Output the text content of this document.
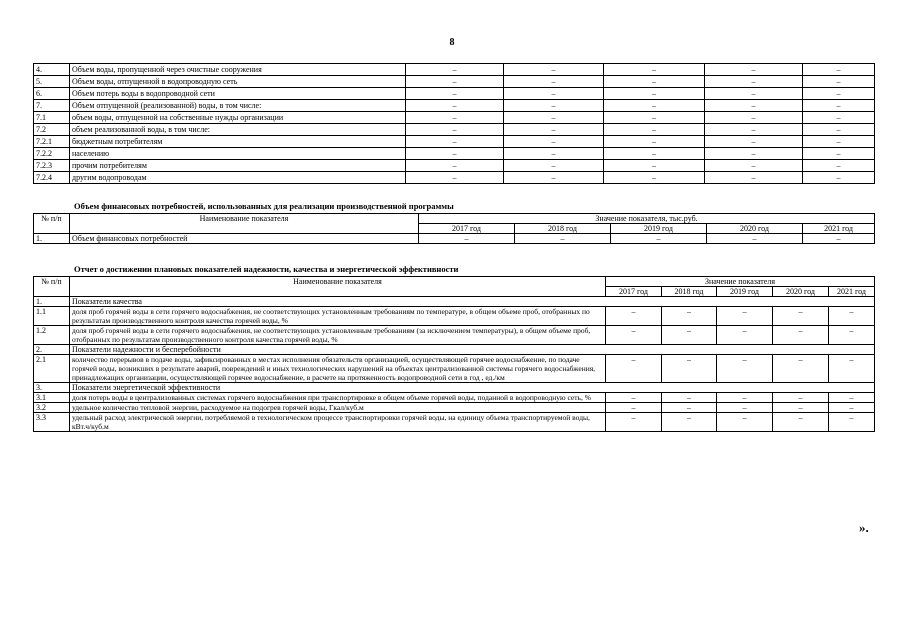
8
4.	Объем воды, пропущенной через очистные сооружения	–	–	–	–	–
5.	Объем воды, отпущенной в водопроводную сеть	–	–	–	–	–
6.	Объем потерь воды в водопроводной сети	–	–	–	–	–
7.	Объем отпущенной (реализованной) воды, в том числе:	–	–	–	–	–
7.1	объем воды, отпущенной на собственные нужды организации	–	–	–	–	–
7.2	объем реализованной воды, в том числе:	–	–	–	–	–
7.2.1	бюджетным потребителям	–	–	–	–	–
7.2.2	населению	–	–	–	–	–
7.2.3	прочим потребителям	–	–	–	–	–
7.2.4	другим водопроводам	–	–	–	–	–
Объем финансовых потребностей, использованных для реализации производственной программы
№ п/п	Наименование показателя	Значение показателя, тыс.руб.				
		2017 год	2018 год	2019 год	2020 год	2021 год
1.	Объем финансовых потребностей	–	–	–	–	–
Отчет о достижении плановых показателей надежности, качества и энергетической эффективности
№ п/п	Наименование показателя	Значение показателя				
		2017 год	2018 год	2019 год	2020 год	2021 год
1.	Показатели качества					
1.1	доля проб горячей воды в сети горячего водоснабжения, не соответствующих установленным требованиям по температуре, в общем объеме проб, отобранных по результатам производственного контроля качества горячей воды, %	–	–	–	–	–
1.2	доля проб горячей воды в сети горячего водоснабжения, не соответствующих установленным требованиям (за исключением температуры), в общем объеме проб, отобранных по результатам производственного контроля качества горячей воды, %	–	–	–	–	–
2.	Показатели надежности и бесперебойности					
2.1	количество перерывов в подаче воды, зафиксированных в местах исполнения обязательств организацией, осуществляющей горячее водоснабжение, по подаче горячей воды, возникших в результате аварий, повреждений и иных технологических нарушений на объектах централизованной системы горячего водоснабжения, принадлежащих организации, осуществляющей горячее водоснабжение, в расчете на протяженность водопроводной сети в год , ед./км	–	–	–	–	–
3.	Показатели энергетической эффективности					
3.1	доля потерь воды в централизованных системах горячего водоснабжения при транспортировке в общем объеме горячей воды, поданной в водопроводную сеть, %	–	–	–	–	–
3.2	удельное количество тепловой энергии, расходуемое на подогрев горячей воды, Гкал/куб.м	–	–	–	–	–
3.3	удельный расход электрической энергии, потребляемой в технологическом процессе транспортировки горячей воды, на единицу объема транспортируемой воды, кВт.ч/куб.м	–	–	–	–	–
».
